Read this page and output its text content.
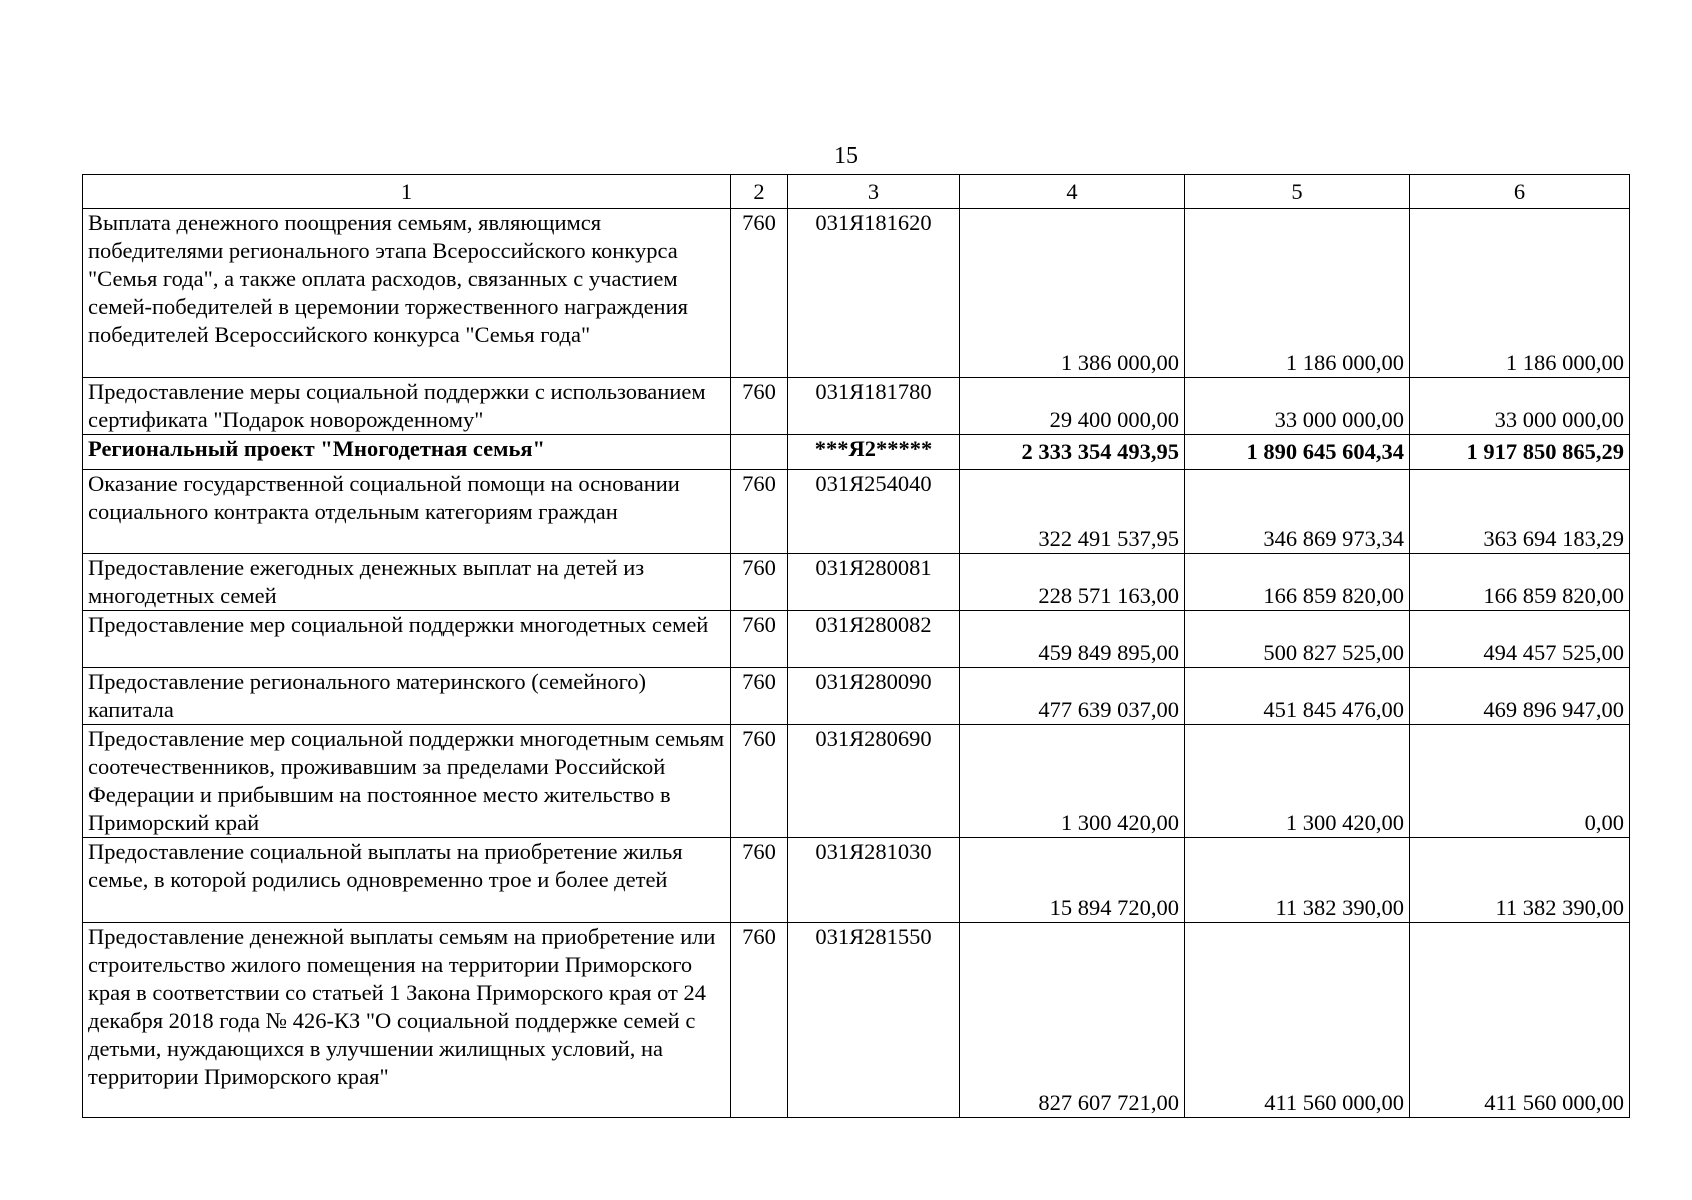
15
1	2	3	4	5	6
Выплата денежного поощрения семьям, являющимся победителями регионального этапа Всероссийского конкурса "Семья года", а также оплата расходов, связанных с участием семей-победителей в церемонии торжественного награждения победителей Всероссийского конкурса "Семья года"	760	031Я181620	1 386 000,00	1 186 000,00	1 186 000,00
Предоставление меры социальной поддержки с использованием сертификата "Подарок новорожденному"	760	031Я181780	29 400 000,00	33 000 000,00	33 000 000,00
Региональный проект "Многодетная семья"		***Я2*****	2 333 354 493,95	1 890 645 604,34	1 917 850 865,29
Оказание государственной социальной помощи на основании социального контракта отдельным категориям граждан	760	031Я254040	322 491 537,95	346 869 973,34	363 694 183,29
Предоставление ежегодных денежных выплат на детей из многодетных семей	760	031Я280081	228 571 163,00	166 859 820,00	166 859 820,00
Предоставление мер социальной поддержки многодетных семей	760	031Я280082	459 849 895,00	500 827 525,00	494 457 525,00
Предоставление регионального материнского (семейного) капитала	760	031Я280090	477 639 037,00	451 845 476,00	469 896 947,00
Предоставление мер социальной поддержки многодетным семьям соотечественников, проживавшим за пределами Российской Федерации и прибывшим на постоянное место жительство в Приморский край	760	031Я280690	1 300 420,00	1 300 420,00	0,00
Предоставление социальной выплаты на приобретение жилья семье, в которой родились одновременно трое и более детей	760	031Я281030	15 894 720,00	11 382 390,00	11 382 390,00
Предоставление денежной выплаты семьям на приобретение или строительство жилого помещения на территории Приморского края в соответствии со статьей 1 Закона Приморского края от 24 декабря 2018 года № 426-КЗ "О социальной поддержке семей с детьми, нуждающихся в улучшении жилищных условий, на территории Приморского края"	760	031Я281550	827 607 721,00	411 560 000,00	411 560 000,00
